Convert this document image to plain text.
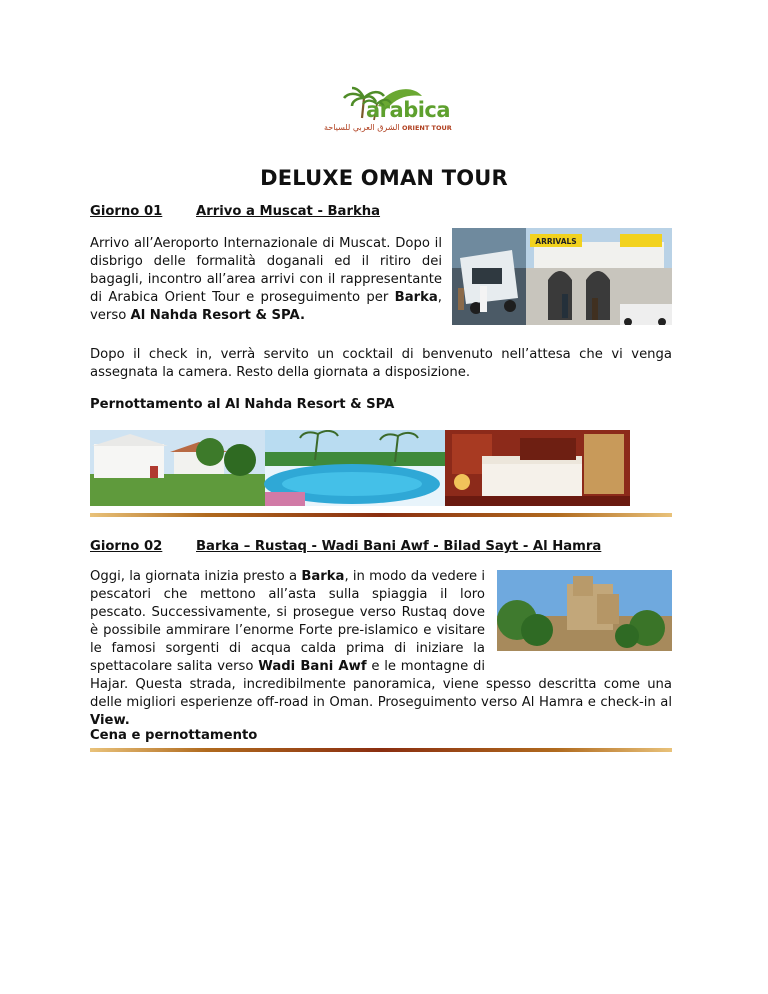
arabica
الشرق العربي للسياحة ORIENT TOUR
DELUXE OMAN TOUR
Giorno 01	Arrivo a Muscat - Barkha

Arrivo all’Aeroporto Internazionale di Muscat. Dopo il disbrigo delle formalità doganali ed il ritiro dei bagagli, incontro all’area arrivi con il rappresentante di Arabica Orient Tour e proseguimento per Barka, verso Al Nahda Resort & SPA.

ARRIVALS

Dopo il check in, verrà servito un cocktail di benvenuto nell’attesa che vi venga assegnata la camera. Resto della giornata a disposizione.

Pernottamento al Al Nahda Resort & SPA
Giorno 02	Barka – Rustaq - Wadi Bani Awf - Bilad Sayt - Al Hamra

Oggi, la giornata inizia presto a Barka, in modo da vedere i pescatori che mettono all’asta sulla spiaggia il loro pescato. Successivamente, si prosegue verso Rustaq dove è possibile ammirare l’enorme Forte pre-islamico e visitare le famosi sorgenti di acqua calda prima di iniziare la spettacolare salita verso Wadi Bani Awf e le montagne di Hajar. Questa strada, incredibilmente panoramica, viene spesso descritta come una delle migliori esperienze off-road in Oman. Proseguimento verso Al Hamra e check-in al View.

Cena e pernottamento
